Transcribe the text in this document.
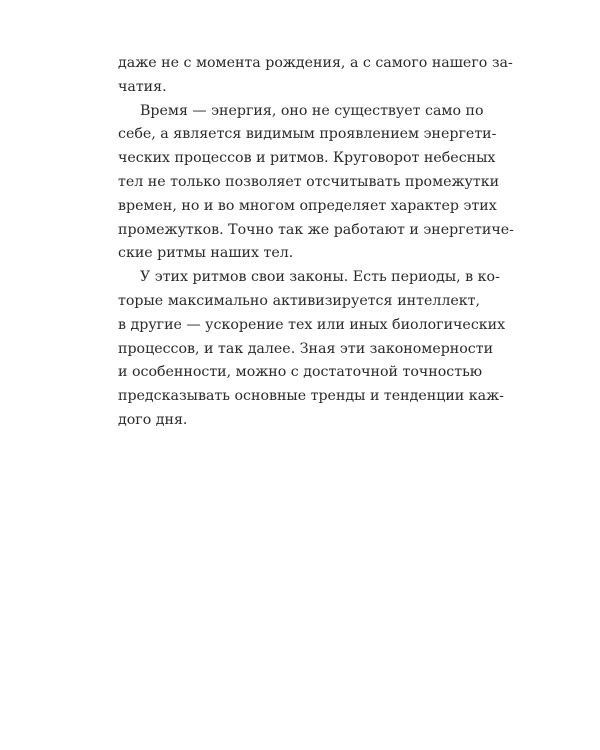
даже не с момента рождения, а с самого нашего за-
чатия.
Время — энергия, оно не существует само по
себе, а является видимым проявлением энергети-
ческих процессов и ритмов. Круговорот небесных
тел не только позволяет отсчитывать промежутки
времен, но и во многом определяет характер этих
промежутков. Точно так же работают и энергетиче-
ские ритмы наших тел.
У этих ритмов свои законы. Есть периоды, в ко-
торые максимально активизируется интеллект,
в другие — ускорение тех или иных биологических
процессов, и так далее. Зная эти закономерности
и особенности, можно с достаточной точностью
предсказывать основные тренды и тенденции каж-
дого дня.
